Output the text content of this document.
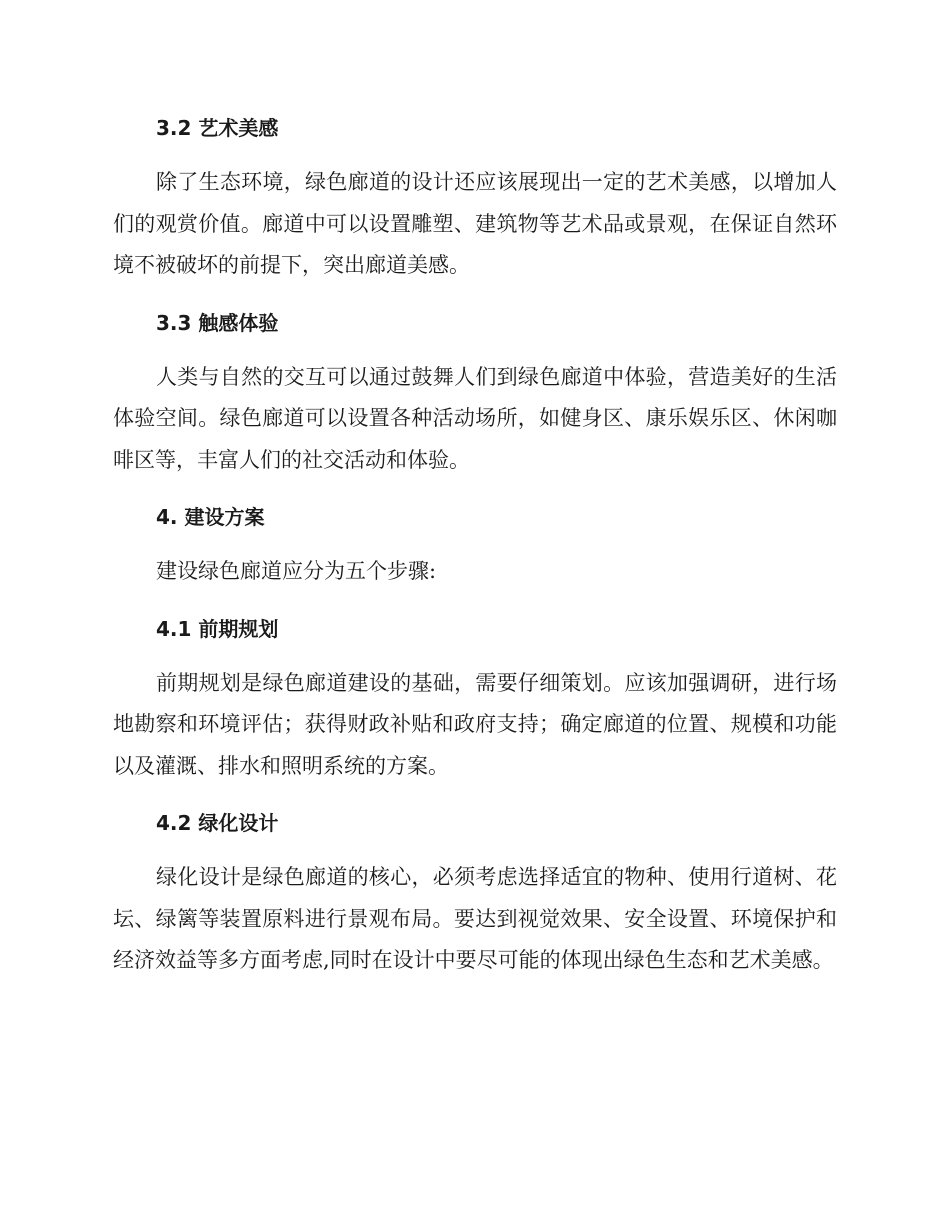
3.2 艺术美感

除了生态环境，绿色廊道的设计还应该展现出一定的艺术美感，以增加人们的观赏价值。廊道中可以设置雕塑、建筑物等艺术品或景观，在保证自然环境不被破坏的前提下，突出廊道美感。

3.3 触感体验

人类与自然的交互可以通过鼓舞人们到绿色廊道中体验，营造美好的生活体验空间。绿色廊道可以设置各种活动场所，如健身区、康乐娱乐区、休闲咖啡区等，丰富人们的社交活动和体验。

4. 建设方案

建设绿色廊道应分为五个步骤:

4.1 前期规划

前期规划是绿色廊道建设的基础，需要仔细策划。应该加强调研，进行场地勘察和环境评估；获得财政补贴和政府支持；确定廊道的位置、规模和功能以及灌溉、排水和照明系统的方案。

4.2 绿化设计

绿化设计是绿色廊道的核心，必须考虑选择适宜的物种、使用行道树、花坛、绿篱等装置原料进行景观布局。要达到视觉效果、安全设置、环境保护和经济效益等多方面考虑,同时在设计中要尽可能的体现出绿色生态和艺术美感。
